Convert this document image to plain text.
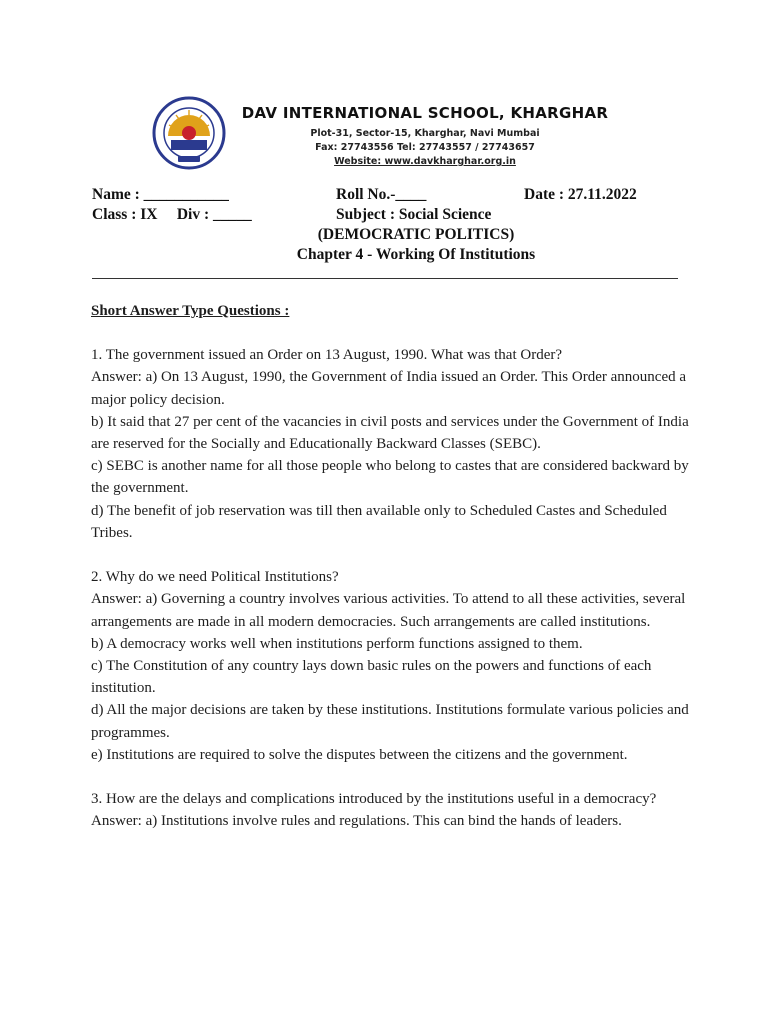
DAV INTERNATIONAL SCHOOL, KHARGHAR
Plot-31, Sector-15, Kharghar, Navi Mumbai
Fax: 27743556 Tel: 27743557 / 27743657
Website: www.davkharghar.org.in
Name : ___________	Roll No.-____	Date : 27.11.2022
Class : IX     Div : _____	Subject : Social Science
(DEMOCRATIC POLITICS)
Chapter 4 - Working Of Institutions
Short Answer Type Questions :

1. The government issued an Order on 13 August, 1990. What was that Order?

Answer: a) On 13 August, 1990, the Government of India issued an Order. This Order announced a major policy decision.

b) It said that 27 per cent of the vacancies in civil posts and services under the Government of India are reserved for the Socially and Educationally Backward Classes (SEBC).

c) SEBC is another name for all those people who belong to castes that are considered backward by the government.

d) The benefit of job reservation was till then available only to Scheduled Castes and Scheduled Tribes.

2. Why do we need Political Institutions?

Answer: a) Governing a country involves various activities. To attend to all these activities, several arrangements are made in all modern democracies. Such arrangements are called institutions.

b) A democracy works well when institutions perform functions assigned to them.

c) The Constitution of any country lays down basic rules on the powers and functions of each institution.

d) All the major decisions are taken by these institutions. Institutions formulate various policies and programmes.

e) Institutions are required to solve the disputes between the citizens and the government.

3. How are the delays and complications introduced by the institutions useful in a democracy?

Answer: a) Institutions involve rules and regulations. This can bind the hands of leaders.
